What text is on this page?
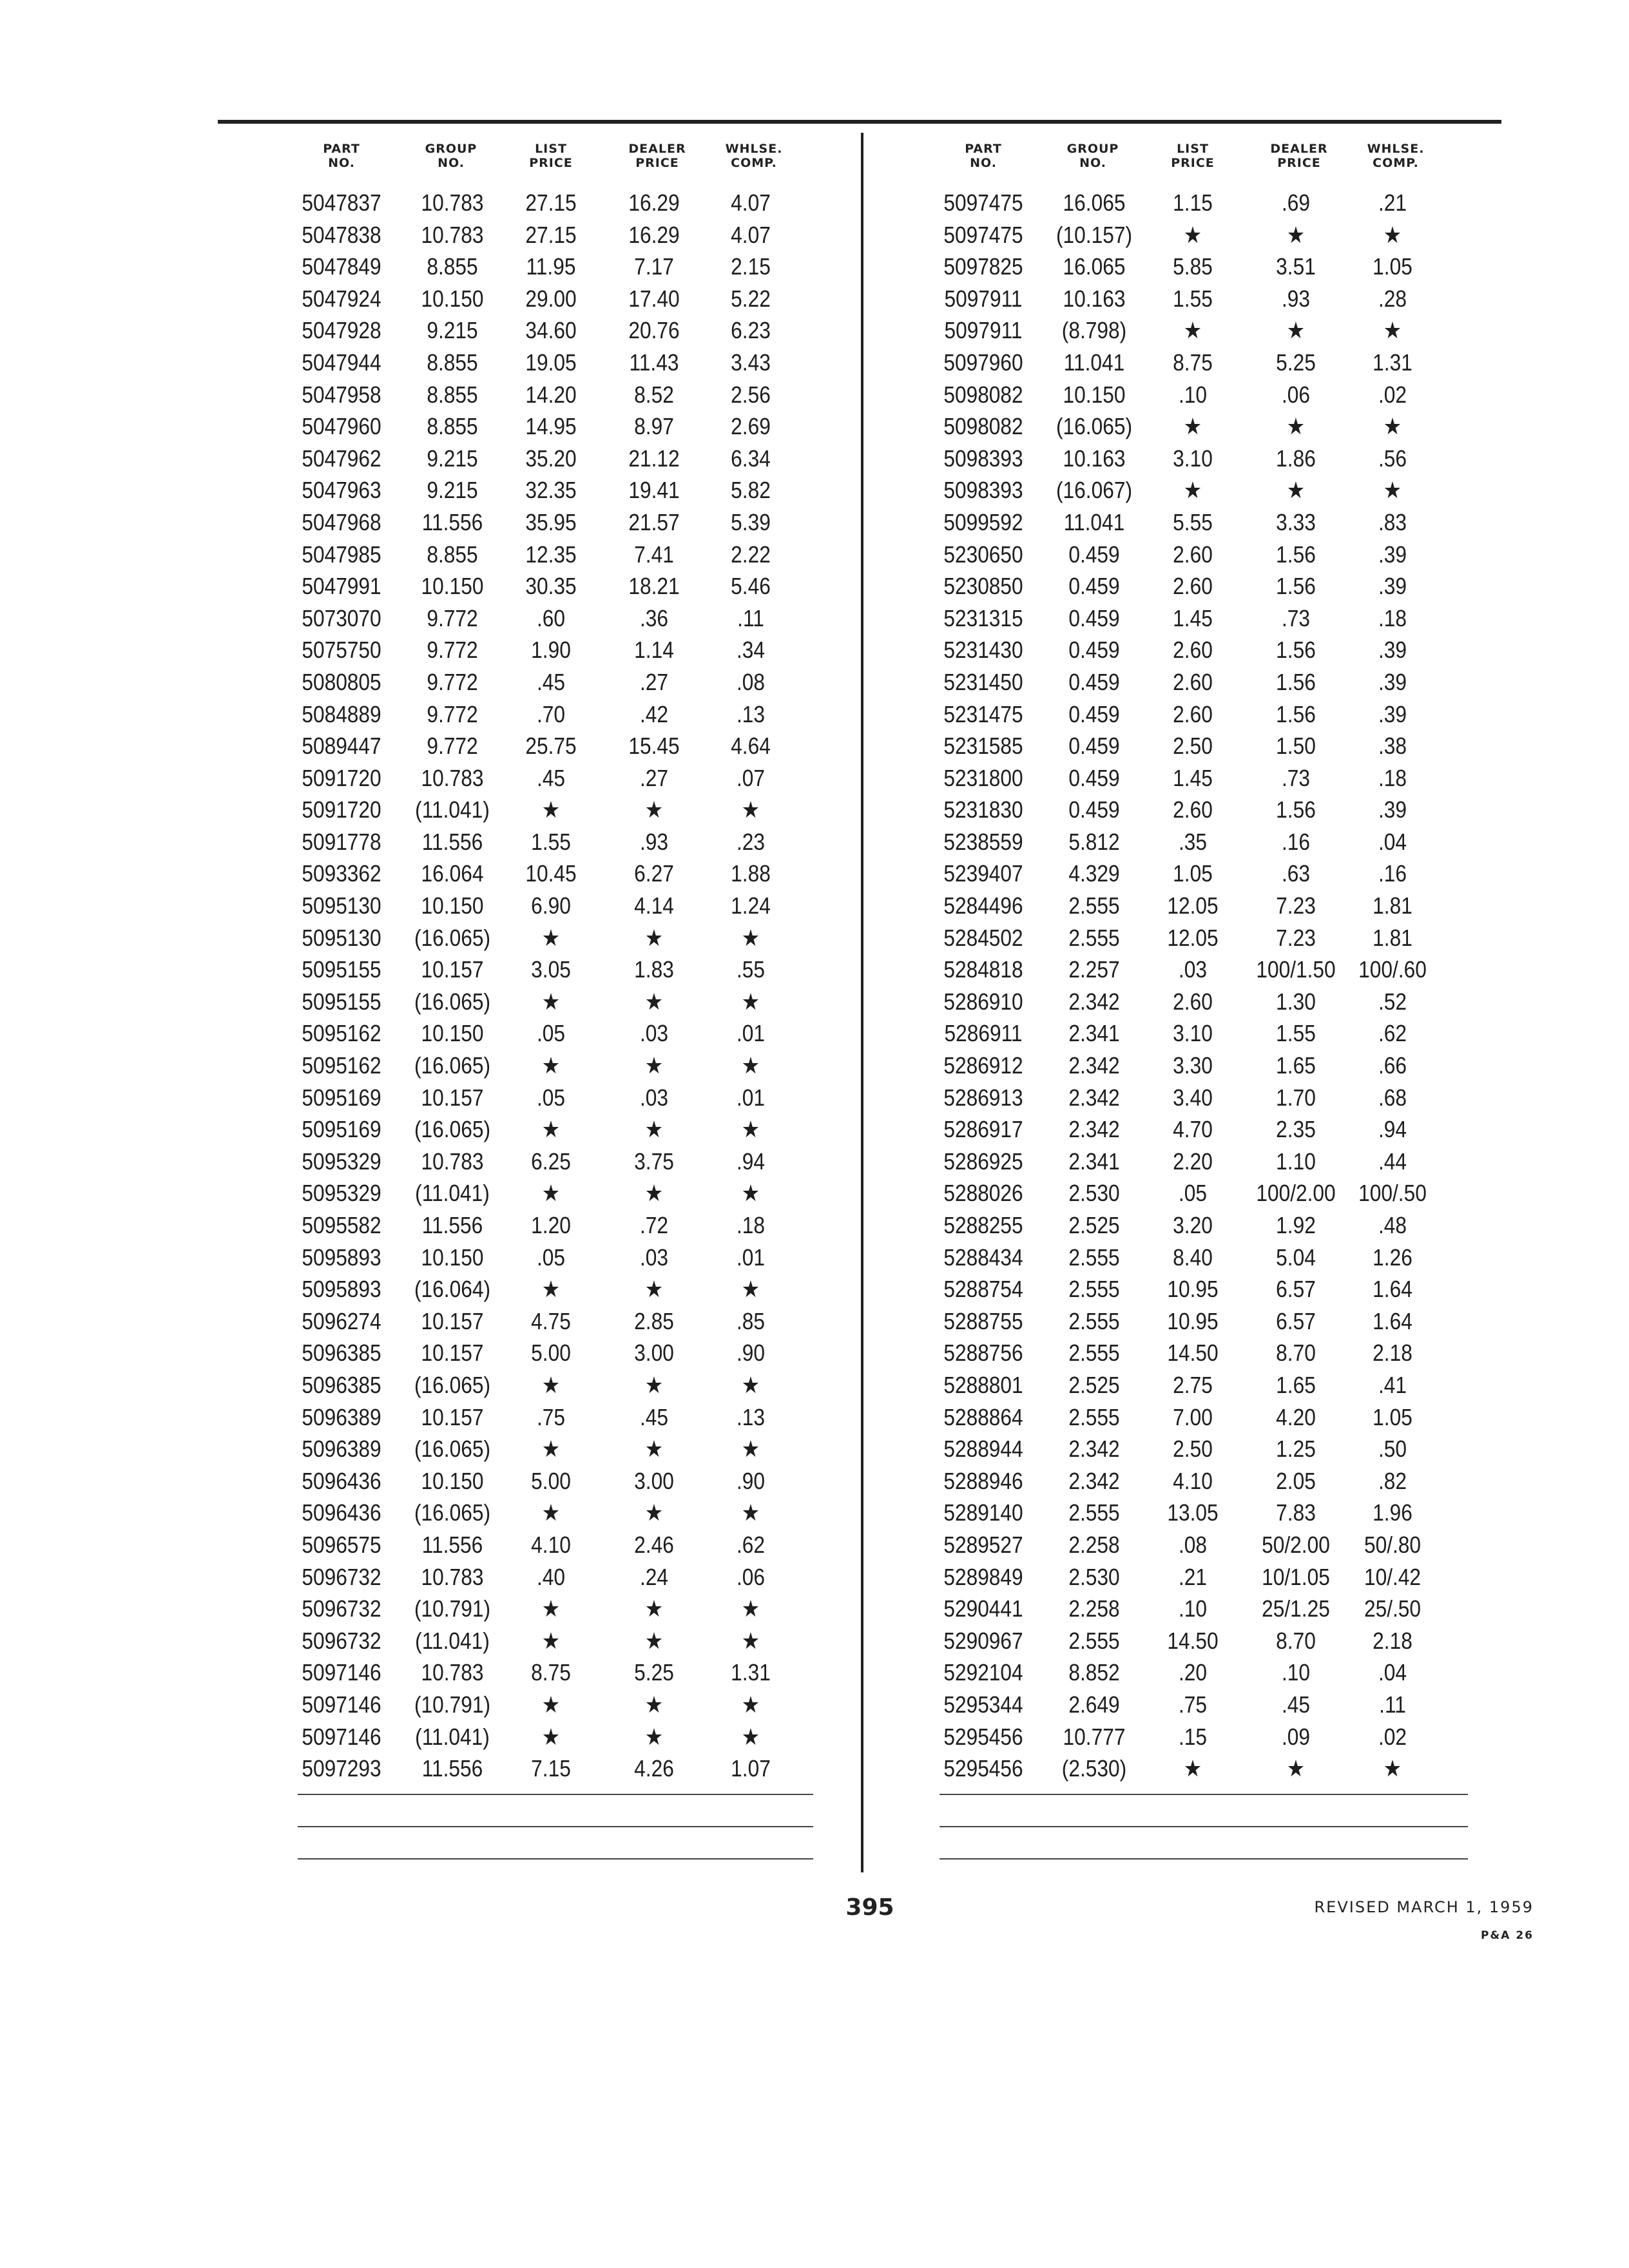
PART
NO.
GROUP
NO.
LIST
PRICE
DEALER
PRICE
WHLSE.
COMP.
5047837	10.783	27.15	16.29	4.07
5047838	10.783	27.15	16.29	4.07
5047849	8.855	11.95	7.17	2.15
5047924	10.150	29.00	17.40	5.22
5047928	9.215	34.60	20.76	6.23
5047944	8.855	19.05	11.43	3.43
5047958	8.855	14.20	8.52	2.56
5047960	8.855	14.95	8.97	2.69
5047962	9.215	35.20	21.12	6.34
5047963	9.215	32.35	19.41	5.82
5047968	11.556	35.95	21.57	5.39
5047985	8.855	12.35	7.41	2.22
5047991	10.150	30.35	18.21	5.46
5073070	9.772	.60	.36	.11
5075750	9.772	1.90	1.14	.34
5080805	9.772	.45	.27	.08
5084889	9.772	.70	.42	.13
5089447	9.772	25.75	15.45	4.64
5091720	10.783	.45	.27	.07
5091720	(11.041)	★	★	★
5091778	11.556	1.55	.93	.23
5093362	16.064	10.45	6.27	1.88
5095130	10.150	6.90	4.14	1.24
5095130	(16.065)	★	★	★
5095155	10.157	3.05	1.83	.55
5095155	(16.065)	★	★	★
5095162	10.150	.05	.03	.01
5095162	(16.065)	★	★	★
5095169	10.157	.05	.03	.01
5095169	(16.065)	★	★	★
5095329	10.783	6.25	3.75	.94
5095329	(11.041)	★	★	★
5095582	11.556	1.20	.72	.18
5095893	10.150	.05	.03	.01
5095893	(16.064)	★	★	★
5096274	10.157	4.75	2.85	.85
5096385	10.157	5.00	3.00	.90
5096385	(16.065)	★	★	★
5096389	10.157	.75	.45	.13
5096389	(16.065)	★	★	★
5096436	10.150	5.00	3.00	.90
5096436	(16.065)	★	★	★
5096575	11.556	4.10	2.46	.62
5096732	10.783	.40	.24	.06
5096732	(10.791)	★	★	★
5096732	(11.041)	★	★	★
5097146	10.783	8.75	5.25	1.31
5097146	(10.791)	★	★	★
5097146	(11.041)	★	★	★
5097293	11.556	7.15	4.26	1.07
PART
NO.
GROUP
NO.
LIST
PRICE
DEALER
PRICE
WHLSE.
COMP.
5097475	16.065	1.15	.69	.21
5097475	(10.157)	★	★	★
5097825	16.065	5.85	3.51	1.05
5097911	10.163	1.55	.93	.28
5097911	(8.798)	★	★	★
5097960	11.041	8.75	5.25	1.31
5098082	10.150	.10	.06	.02
5098082	(16.065)	★	★	★
5098393	10.163	3.10	1.86	.56
5098393	(16.067)	★	★	★
5099592	11.041	5.55	3.33	.83
5230650	0.459	2.60	1.56	.39
5230850	0.459	2.60	1.56	.39
5231315	0.459	1.45	.73	.18
5231430	0.459	2.60	1.56	.39
5231450	0.459	2.60	1.56	.39
5231475	0.459	2.60	1.56	.39
5231585	0.459	2.50	1.50	.38
5231800	0.459	1.45	.73	.18
5231830	0.459	2.60	1.56	.39
5238559	5.812	.35	.16	.04
5239407	4.329	1.05	.63	.16
5284496	2.555	12.05	7.23	1.81
5284502	2.555	12.05	7.23	1.81
5284818	2.257	.03	100/1.50 100/.60
5286910	2.342	2.60	1.30	.52
5286911	2.341	3.10	1.55	.62
5286912	2.342	3.30	1.65	.66
5286913	2.342	3.40	1.70	.68
5286917	2.342	4.70	2.35	.94
5286925	2.341	2.20	1.10	.44
5288026	2.530	.05	100/2.00 100/.50
5288255	2.525	3.20	1.92	.48
5288434	2.555	8.40	5.04	1.26
5288754	2.555	10.95	6.57	1.64
5288755	2.555	10.95	6.57	1.64
5288756	2.555	14.50	8.70	2.18
5288801	2.525	2.75	1.65	.41
5288864	2.555	7.00	4.20	1.05
5288944	2.342	2.50	1.25	.50
5288946	2.342	4.10	2.05	.82
5289140	2.555	13.05	7.83	1.96
5289527	2.258	.08	50/2.00	50/.80
5289849	2.530	.21	10/1.05	10/.42
5290441	2.258	.10	25/1.25	25/.50
5290967	2.555	14.50	8.70	2.18
5292104	8.852	.20	.10	.04
5295344	2.649	.75	.45	.11
5295456	10.777	.15	.09	.02
5295456	(2.530)	★	★	★
395	REVISED MARCH 1, 1959
P&A 26
